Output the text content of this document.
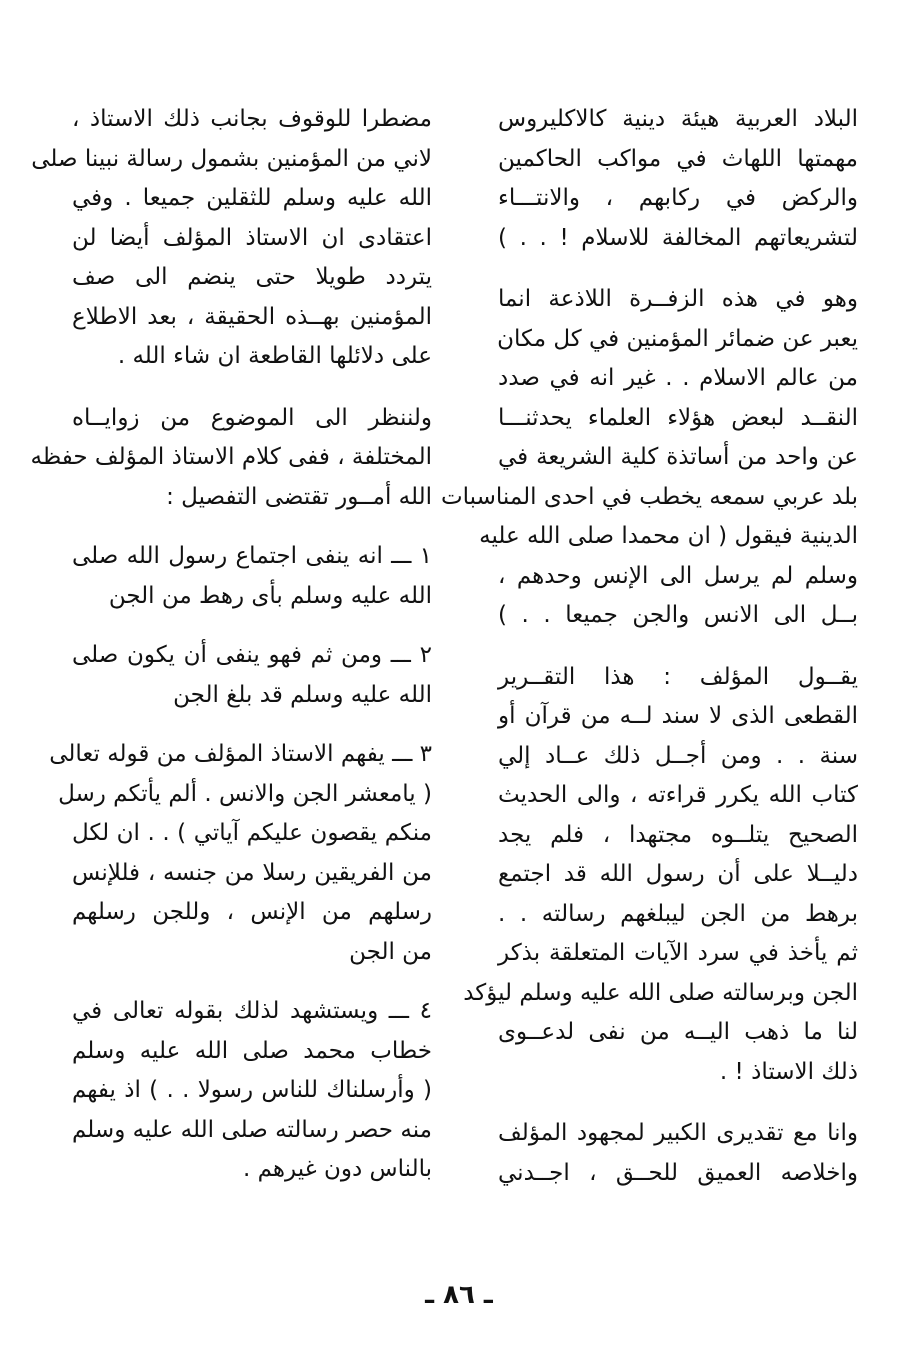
البلاد العربية هيئة دينية كالاكليروس
مهمتها اللهاث في مواكب الحاكمين
والركض في ركابهم ، والانتـــاء
لتشريعاتهم المخالفة للاسلام ! . . )
وهو في هذه الزفــرة اللاذعة انما
يعبر عن ضمائر المؤمنين في كل مكان
من عالم الاسلام . . غير انه في صدد
النقــد لبعض هؤلاء العلماء يحدثنـــا
عن واحد من أساتذة كلية الشريعة في
بلد عربي سمعه يخطب في احدى المناسبات
الدينية فيقول ( ان محمدا صلى الله عليه
وسلم لم يرسل الى الإنس وحدهم ،
بــل الى الانس والجن جميعا . . )
يقــول المؤلف : هذا التقــرير
القطعى الذى لا سند لــه من قرآن أو
سنة . . ومن أجــل ذلك عــاد إلي
كتاب الله يكرر قراءته ، والى الحديث
الصحيح يتلــوه مجتهدا ، فلم يجد
دليــلا على أن رسول الله قد اجتمع
برهط من الجن ليبلغهم رسالته . .
ثم يأخذ في سرد الآيات المتعلقة بذكر
الجن وبرسالته صلى الله عليه وسلم ليؤكد
لنا ما ذهب اليــه من نفى لدعــوى
ذلك الاستاذ ! .
وانا مع تقديرى الكبير لمجهود المؤلف
واخلاصه العميق للحــق ، اجــدني
مضطرا للوقوف بجانب ذلك الاستاذ ،
لاني من المؤمنين بشمول رسالة نبينا صلى
الله عليه وسلم للثقلين جميعا . وفي
اعتقادى ان الاستاذ المؤلف أيضا لن
يتردد طويلا حتى ينضم الى صف
المؤمنين بهــذه الحقيقة ، بعد الاطلاع
على دلائلها القاطعة ان شاء الله .
ولننظر الى الموضوع من زوايــاه
المختلفة ، ففى كلام الاستاذ المؤلف حفظه
الله أمــور تقتضى التفصيل :
١ ـــ انه ينفى اجتماع رسول الله صلى
الله عليه وسلم بأى رهط من الجن
٢ ـــ ومن ثم فهو ينفى أن يكون صلى
الله عليه وسلم قد بلغ الجن
٣ ـــ يفهم الاستاذ المؤلف من قوله تعالى
( يامعشر الجن والانس . ألم يأتكم رسل
منكم يقصون عليكم آياتي ) . . ان لكل
من الفريقين رسلا من جنسه ، فللإنس
رسلهم من الإنس ، وللجن رسلهم
من الجن
٤ ـــ ويستشهد لذلك بقوله تعالى في
خطاب محمد صلى الله عليه وسلم
( وأرسلناك للناس رسولا . . ) اذ يفهم
منه حصر رسالته صلى الله عليه وسلم
بالناس دون غيرهم .
ـ ٨٦ ـ
